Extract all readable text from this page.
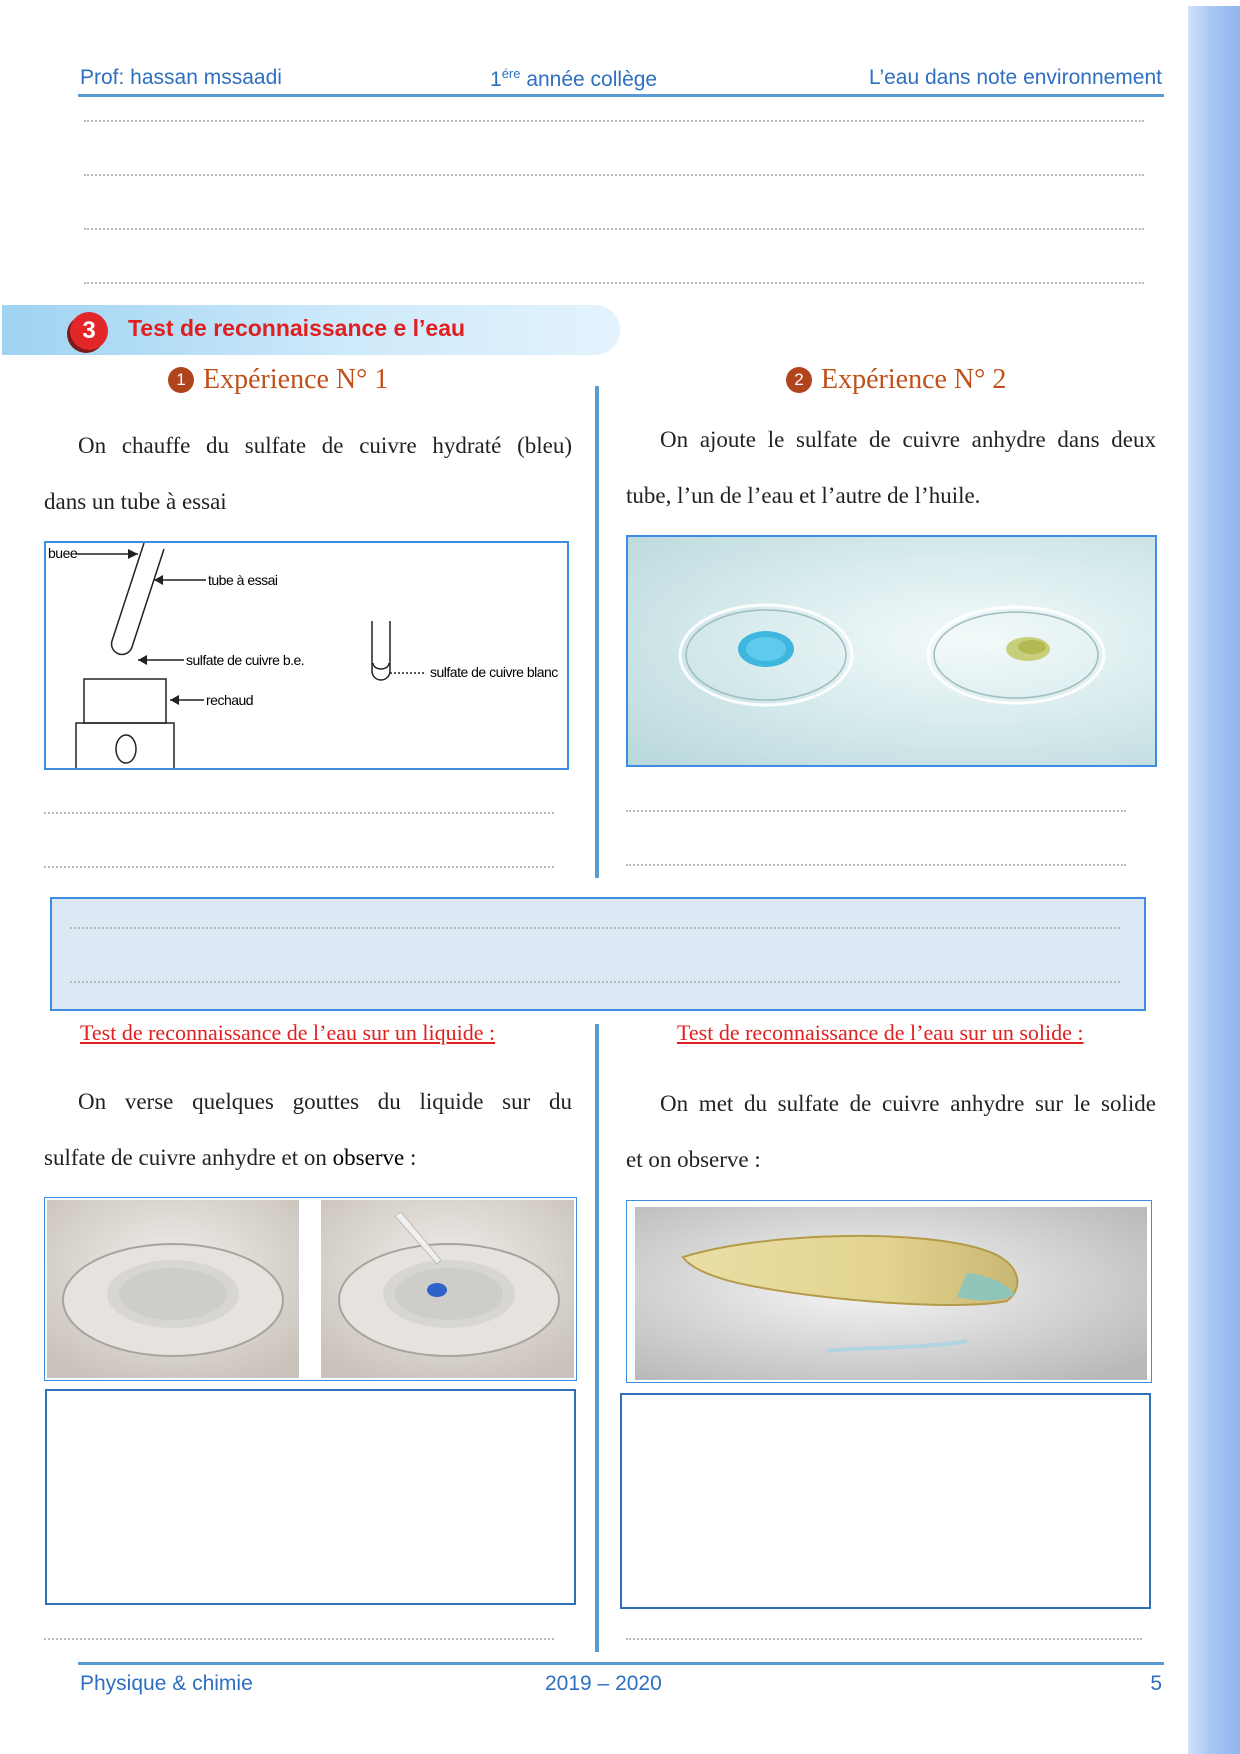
Prof: hassan mssaadi	$1^{ére}$ année collège	L’eau dans note environnement
3	Test de reconnaissance e l’eau
1 Expérience N° 1	2 Expérience N° 2
On chauffe du sulfate de cuivre hydraté (bleu)
dans un tube à essai
buee
tube à essai
sulfate de cuivre b.e.
rechaud
sulfate de cuivre blanc
On ajoute le sulfate de cuivre anhydre dans deux
tube, l’un de l’eau et l’autre de l’huile.
Test de reconnaissance de l’eau sur un liquide :
On verse quelques gouttes du liquide sur du
sulfate de cuivre anhydre et on observe :
Test de reconnaissance de l’eau sur un solide :
On met du sulfate de cuivre anhydre sur le solide
et on observe :
Physique & chimie	2019 – 2020	5
